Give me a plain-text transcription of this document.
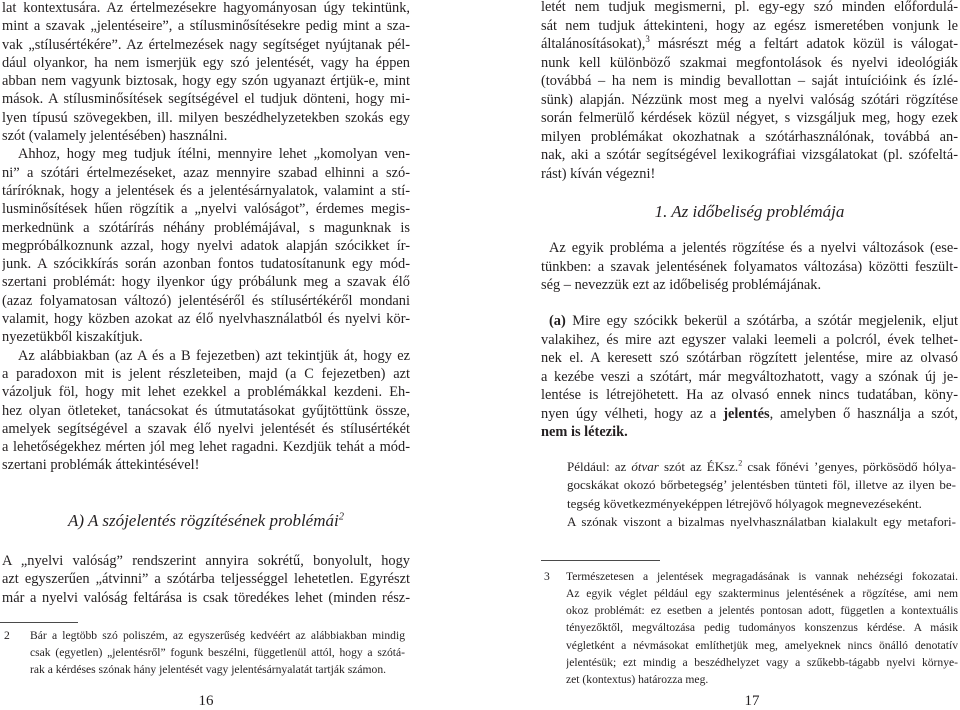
lat kontextusára. Az értelmezésekre hagyományosan úgy tekintünk,
mint a szavak „jelentéseire”, a stílusminősítésekre pedig mint a sza-
vak „stílusértékére”. Az értelmezések nagy segítséget nyújtanak pél-
dául olyankor, ha nem ismerjük egy szó jelentését, vagy ha éppen
abban nem vagyunk biztosak, hogy egy szón ugyanazt értjük-e, mint
mások. A stílusminősítések segítségével el tudjuk dönteni, hogy mi-
lyen típusú szövegekben, ill. milyen beszédhelyzetekben szokás egy
szót (valamely jelentésében) használni.
Ahhoz, hogy meg tudjuk ítélni, mennyire lehet „komolyan ven-
ni” a szótári értelmezéseket, azaz mennyire szabad elhinni a szó-
táríróknak, hogy a jelentések és a jelentésárnyalatok, valamint a stí-
lusminősítések hűen rögzítik a „nyelvi valóságot”, érdemes megis-
merkednünk a szótárírás néhány problémájával, s magunknak is
megpróbálkoznunk azzal, hogy nyelvi adatok alapján szócikket ír-
junk. A szócikkírás során azonban fontos tudatosítanunk egy mód-
szertani problémát: hogy ilyenkor úgy próbálunk meg a szavak élő
(azaz folyamatosan változó) jelentéséről és stílusértékéről mondani
valamit, hogy közben azokat az élő nyelvhasználatból és nyelvi kör-
nyezetükből kiszakítjuk.
Az alábbiakban (az A és a B fejezetben) azt tekintjük át, hogy ez
a paradoxon mit is jelent részleteiben, majd (a C fejezetben) azt
vázoljuk föl, hogy mit lehet ezekkel a problémákkal kezdeni. Eh-
hez olyan ötleteket, tanácsokat és útmutatásokat gyűjtöttünk össze,
amelyek segítségével a szavak élő nyelvi jelentését és stílusértékét
a lehetőségekhez mérten jól meg lehet ragadni. Kezdjük tehát a mód-
szertani problémák áttekintésével!
A) A szójelentés rögzítésének problémái$^2$
A „nyelvi valóság” rendszerint annyira sokrétű, bonyolult, hogy
azt egyszerűen „átvinni” a szótárba teljességgel lehetetlen. Egyrészt
már a nyelvi valóság feltárása is csak töredékes lehet (minden rész-
2 Bár a legtöbb szó poliszém, az egyszerűség kedvéért az alábbiakban mindig
csak (egyetlen) „jelentésről” fogunk beszélni, függetlenül attól, hogy a szótá-
rak a kérdéses szónak hány jelentését vagy jelentésárnyalatát tartják számon.
16
letét nem tudjuk megismerni, pl. egy-egy szó minden előfordulá-
sát nem tudjuk áttekinteni, hogy az egész ismeretében vonjunk le
általánosításokat),$^3$ másrészt még a feltárt adatok közül is válogat-
nunk kell különböző szakmai megfontolások és nyelvi ideológiák
(továbbá – ha nem is mindig bevallottan – saját intuícióink és ízlé-
sünk) alapján. Nézzünk most meg a nyelvi valóság szótári rögzítése
során felmerülő kérdések közül négyet, s vizsgáljuk meg, hogy ezek
milyen problémákat okozhatnak a szótárhasználónak, továbbá an-
nak, aki a szótár segítségével lexikográfiai vizsgálatokat (pl. szófeltá-
rást) kíván végezni!
1. Az időbeliség problémája
Az egyik probléma a jelentés rögzítése és a nyelvi változások (ese-
tünkben: a szavak jelentésének folyamatos változása) közötti feszült-
ség – nevezzük ezt az időbeliség problémájának.
(a) Mire egy szócikk bekerül a szótárba, a szótár megjelenik, eljut
valakihez, és mire azt egyszer valaki leemeli a polcról, évek telhet-
nek el. A keresett szó szótárban rögzített jelentése, mire az olvasó
a kezébe veszi a szótárt, már megváltozhatott, vagy a szónak új je-
lentése is létrejöhetett. Ha az olvasó ennek nincs tudatában, köny-
nyen úgy vélheti, hogy az a jelentés, amelyben ő használja a szót,
nem is létezik.
Például: az ótvar szót az ÉKsz.$^2$ csak főnévi ’genyes, pörkösödő hólya-
gocskákat okozó bőrbetegség’ jelentésben tünteti föl, illetve az ilyen be-
tegség következményeképpen létrejövő hólyagok megnevezéseként.
A szónak viszont a bizalmas nyelvhasználatban kialakult egy metafori-
3 Természetesen a jelentések megragadásának is vannak nehézségi fokozatai.
Az egyik véglet például egy szakterminus jelentésének a rögzítése, ami nem
okoz problémát: ez esetben a jelentés pontosan adott, független a kontextuális
tényezőktől, megváltozása pedig tudományos konszenzus kérdése. A másik
végletként a névmásokat említhetjük meg, amelyeknek nincs önálló denotatív
jelentésük; ezt mindig a beszédhelyzet vagy a szűkebb-tágabb nyelvi környe-
zet (kontextus) határozza meg.
17
